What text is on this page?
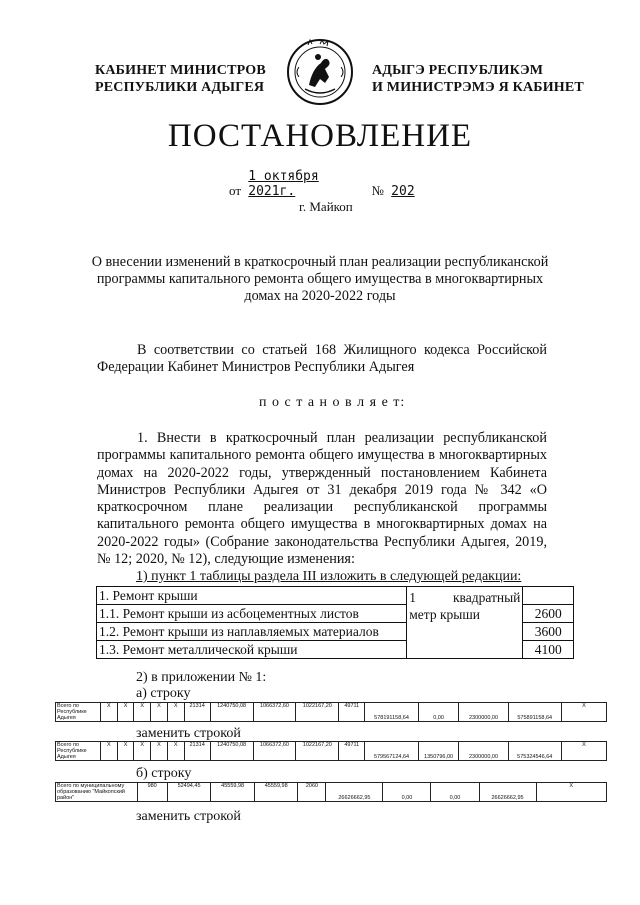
КАБИНЕТ МИНИСТРОВ
РЕСПУБЛИКИ АДЫГЕЯ
АДЫГЭ РЕСПУБЛИКЭМ
И МИНИСТРЭМЭ Я КАБИНЕТ
ПОСТАНОВЛЕНИЕ
от 1 октября 2021г.	№ 202
г. Майкоп
О внесении изменений в краткосрочный план реализации республиканской
программы капитального ремонта общего имущества в многоквартирных
домах на 2020-2022 годы
В соответствии со статьей 168 Жилищного кодекса Российской Федерации Кабинет Министров Республики Адыгея
п о с т а н о в л я е т:
1. Внести в краткосрочный план реализации республиканской программы капитального ремонта общего имущества в многоквартирных домах на 2020-2022 годы, утвержденный постановлением Кабинета Министров Республики Адыгея от 31 декабря 2019 года № 342 «О краткосрочном плане реализации республиканской программы капитального ремонта общего имущества в многоквартирных домах на 2020-2022 годы» (Собрание законодательства Республики Адыгея, 2019, № 12; 2020, № 12), следующие изменения:
1) пункт 1 таблицы раздела III изложить в следующей редакции:
1. Ремонт крыши	1 квадратный
метр крыши	

1.1. Ремонт крыши из асбоцементных листов		2600
1.2. Ремонт крыши из наплавляемых материалов		3600
1.3. Ремонт металлической крыши		4100
2) в приложении № 1:
а) строку
Всего по Республике Адыгея	Х	Х	Х	Х	Х	21314	1240750,08	1066372,60	1022167,20	49711	578191158,64	0,00	2300000,00	575891158,64	Х
заменить строкой
Всего по Республике Адыгея	Х	Х	Х	Х	Х	21314	1240750,08	1066372,60	1022167,20	49711	579567124,64	1350796,00	2300000,00	575324546,64	Х
б) строку
Всего по муниципальному образованию "Майкопский район"	980	52494,45	45559,98	45559,98	2060	26626662,95	0,00	0,00	26626662,95	Х
заменить строкой
